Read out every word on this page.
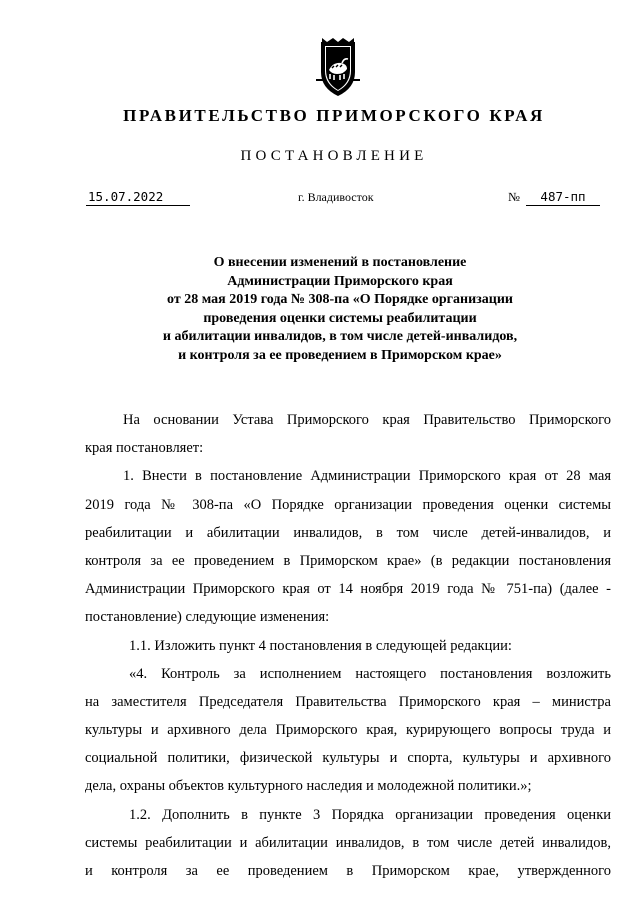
ПРАВИТЕЛЬСТВО ПРИМОРСКОГО КРАЯ
ПОСТАНОВЛЕНИЕ
15.07.2022	г. Владивосток	№	487-пп
О внесении изменений в постановление
Администрации Приморского края
от 28 мая 2019 года № 308-па «О Порядке организации
проведения оценки системы реабилитации
и абилитации инвалидов, в том числе детей-инвалидов,
и контроля за ее проведением в Приморском крае»
На основании Устава Приморского края Правительство Приморского
края постановляет:
1. Внести в постановление Администрации Приморского края от 28 мая
2019 года № 308-па «О Порядке организации проведения оценки системы
реабилитации и абилитации инвалидов, в том числе детей-инвалидов, и
контроля за ее проведением в Приморском крае» (в редакции постановления
Администрации Приморского края от 14 ноября 2019 года № 751-па) (далее -
постановление) следующие изменения:
1.1. Изложить пункт 4 постановления в следующей редакции:
«4. Контроль за исполнением настоящего постановления возложить
на заместителя Председателя Правительства Приморского края – министра
культуры и архивного дела Приморского края, курирующего вопросы труда и
социальной политики, физической культуры и спорта, культуры и архивного
дела, охраны объектов культурного наследия и молодежной политики.»;
1.2. Дополнить в пункте 3 Порядка организации проведения оценки
системы реабилитации и абилитации инвалидов, в том числе детей инвалидов,
и контроля за ее проведением в Приморском крае, утвержденного
